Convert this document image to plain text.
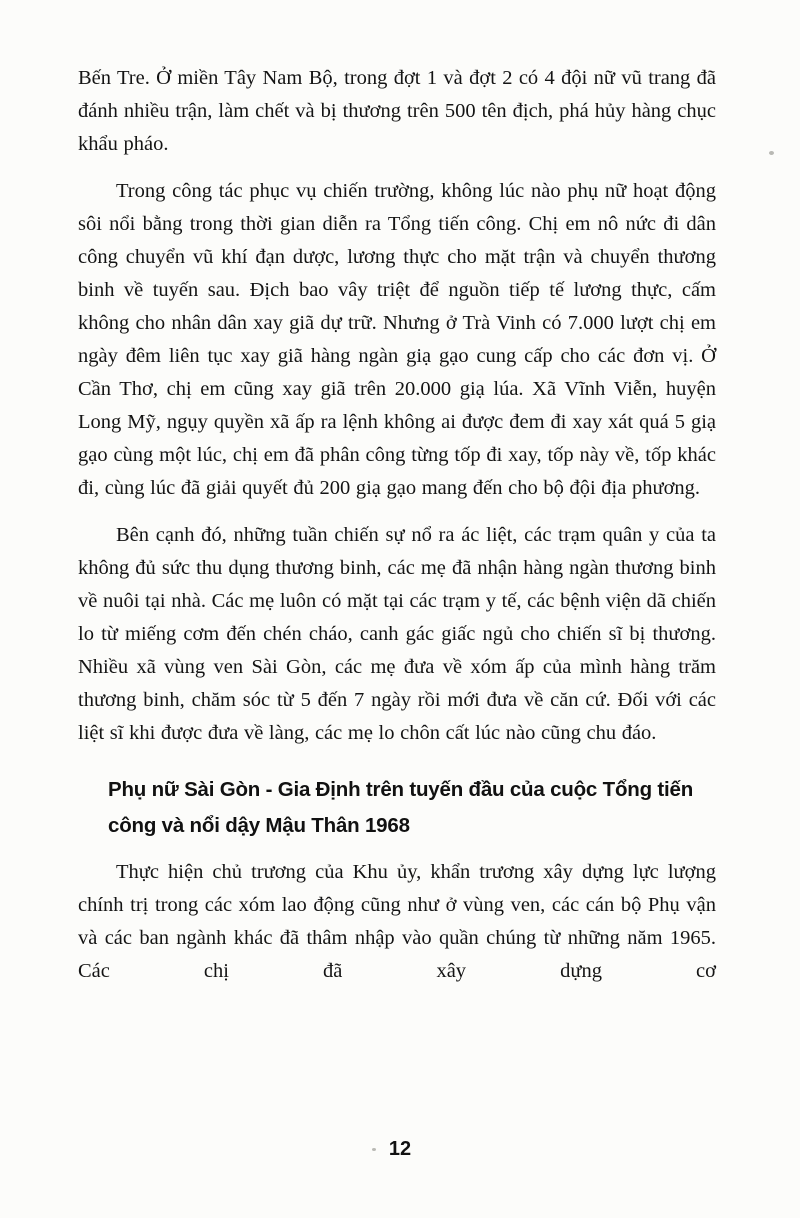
Bến Tre. Ở miền Tây Nam Bộ, trong đợt 1 và đợt 2 có 4 đội nữ vũ trang đã đánh nhiều trận, làm chết và bị thương trên 500 tên địch, phá hủy hàng chục khẩu pháo.

Trong công tác phục vụ chiến trường, không lúc nào phụ nữ hoạt động sôi nổi bằng trong thời gian diễn ra Tổng tiến công. Chị em nô nức đi dân công chuyển vũ khí đạn dược, lương thực cho mặt trận và chuyển thương binh về tuyến sau. Địch bao vây triệt để nguồn tiếp tế lương thực, cấm không cho nhân dân xay giã dự trữ. Nhưng ở Trà Vinh có 7.000 lượt chị em ngày đêm liên tục xay giã hàng ngàn giạ gạo cung cấp cho các đơn vị. Ở Cần Thơ, chị em cũng xay giã trên 20.000 giạ lúa. Xã Vĩnh Viễn, huyện Long Mỹ, ngụy quyền xã ấp ra lệnh không ai được đem đi xay xát quá 5 giạ gạo cùng một lúc, chị em đã phân công từng tốp đi xay, tốp này về, tốp khác đi, cùng lúc đã giải quyết đủ 200 giạ gạo mang đến cho bộ đội địa phương.

Bên cạnh đó, những tuần chiến sự nổ ra ác liệt, các trạm quân y của ta không đủ sức thu dụng thương binh, các mẹ đã nhận hàng ngàn thương binh về nuôi tại nhà. Các mẹ luôn có mặt tại các trạm y tế, các bệnh viện dã chiến lo từ miếng cơm đến chén cháo, canh gác giấc ngủ cho chiến sĩ bị thương. Nhiều xã vùng ven Sài Gòn, các mẹ đưa về xóm ấp của mình hàng trăm thương binh, chăm sóc từ 5 đến 7 ngày rồi mới đưa về căn cứ. Đối với các liệt sĩ khi được đưa về làng, các mẹ lo chôn cất lúc nào cũng chu đáo.

Phụ nữ Sài Gòn - Gia Định trên tuyến đầu của cuộc Tổng tiến công và nổi dậy Mậu Thân 1968

Thực hiện chủ trương của Khu ủy, khẩn trương xây dựng lực lượng chính trị trong các xóm lao động cũng như ở vùng ven, các cán bộ Phụ vận và các ban ngành khác đã thâm nhập vào quần chúng từ những năm 1965. Các chị đã xây dựng cơ

12
